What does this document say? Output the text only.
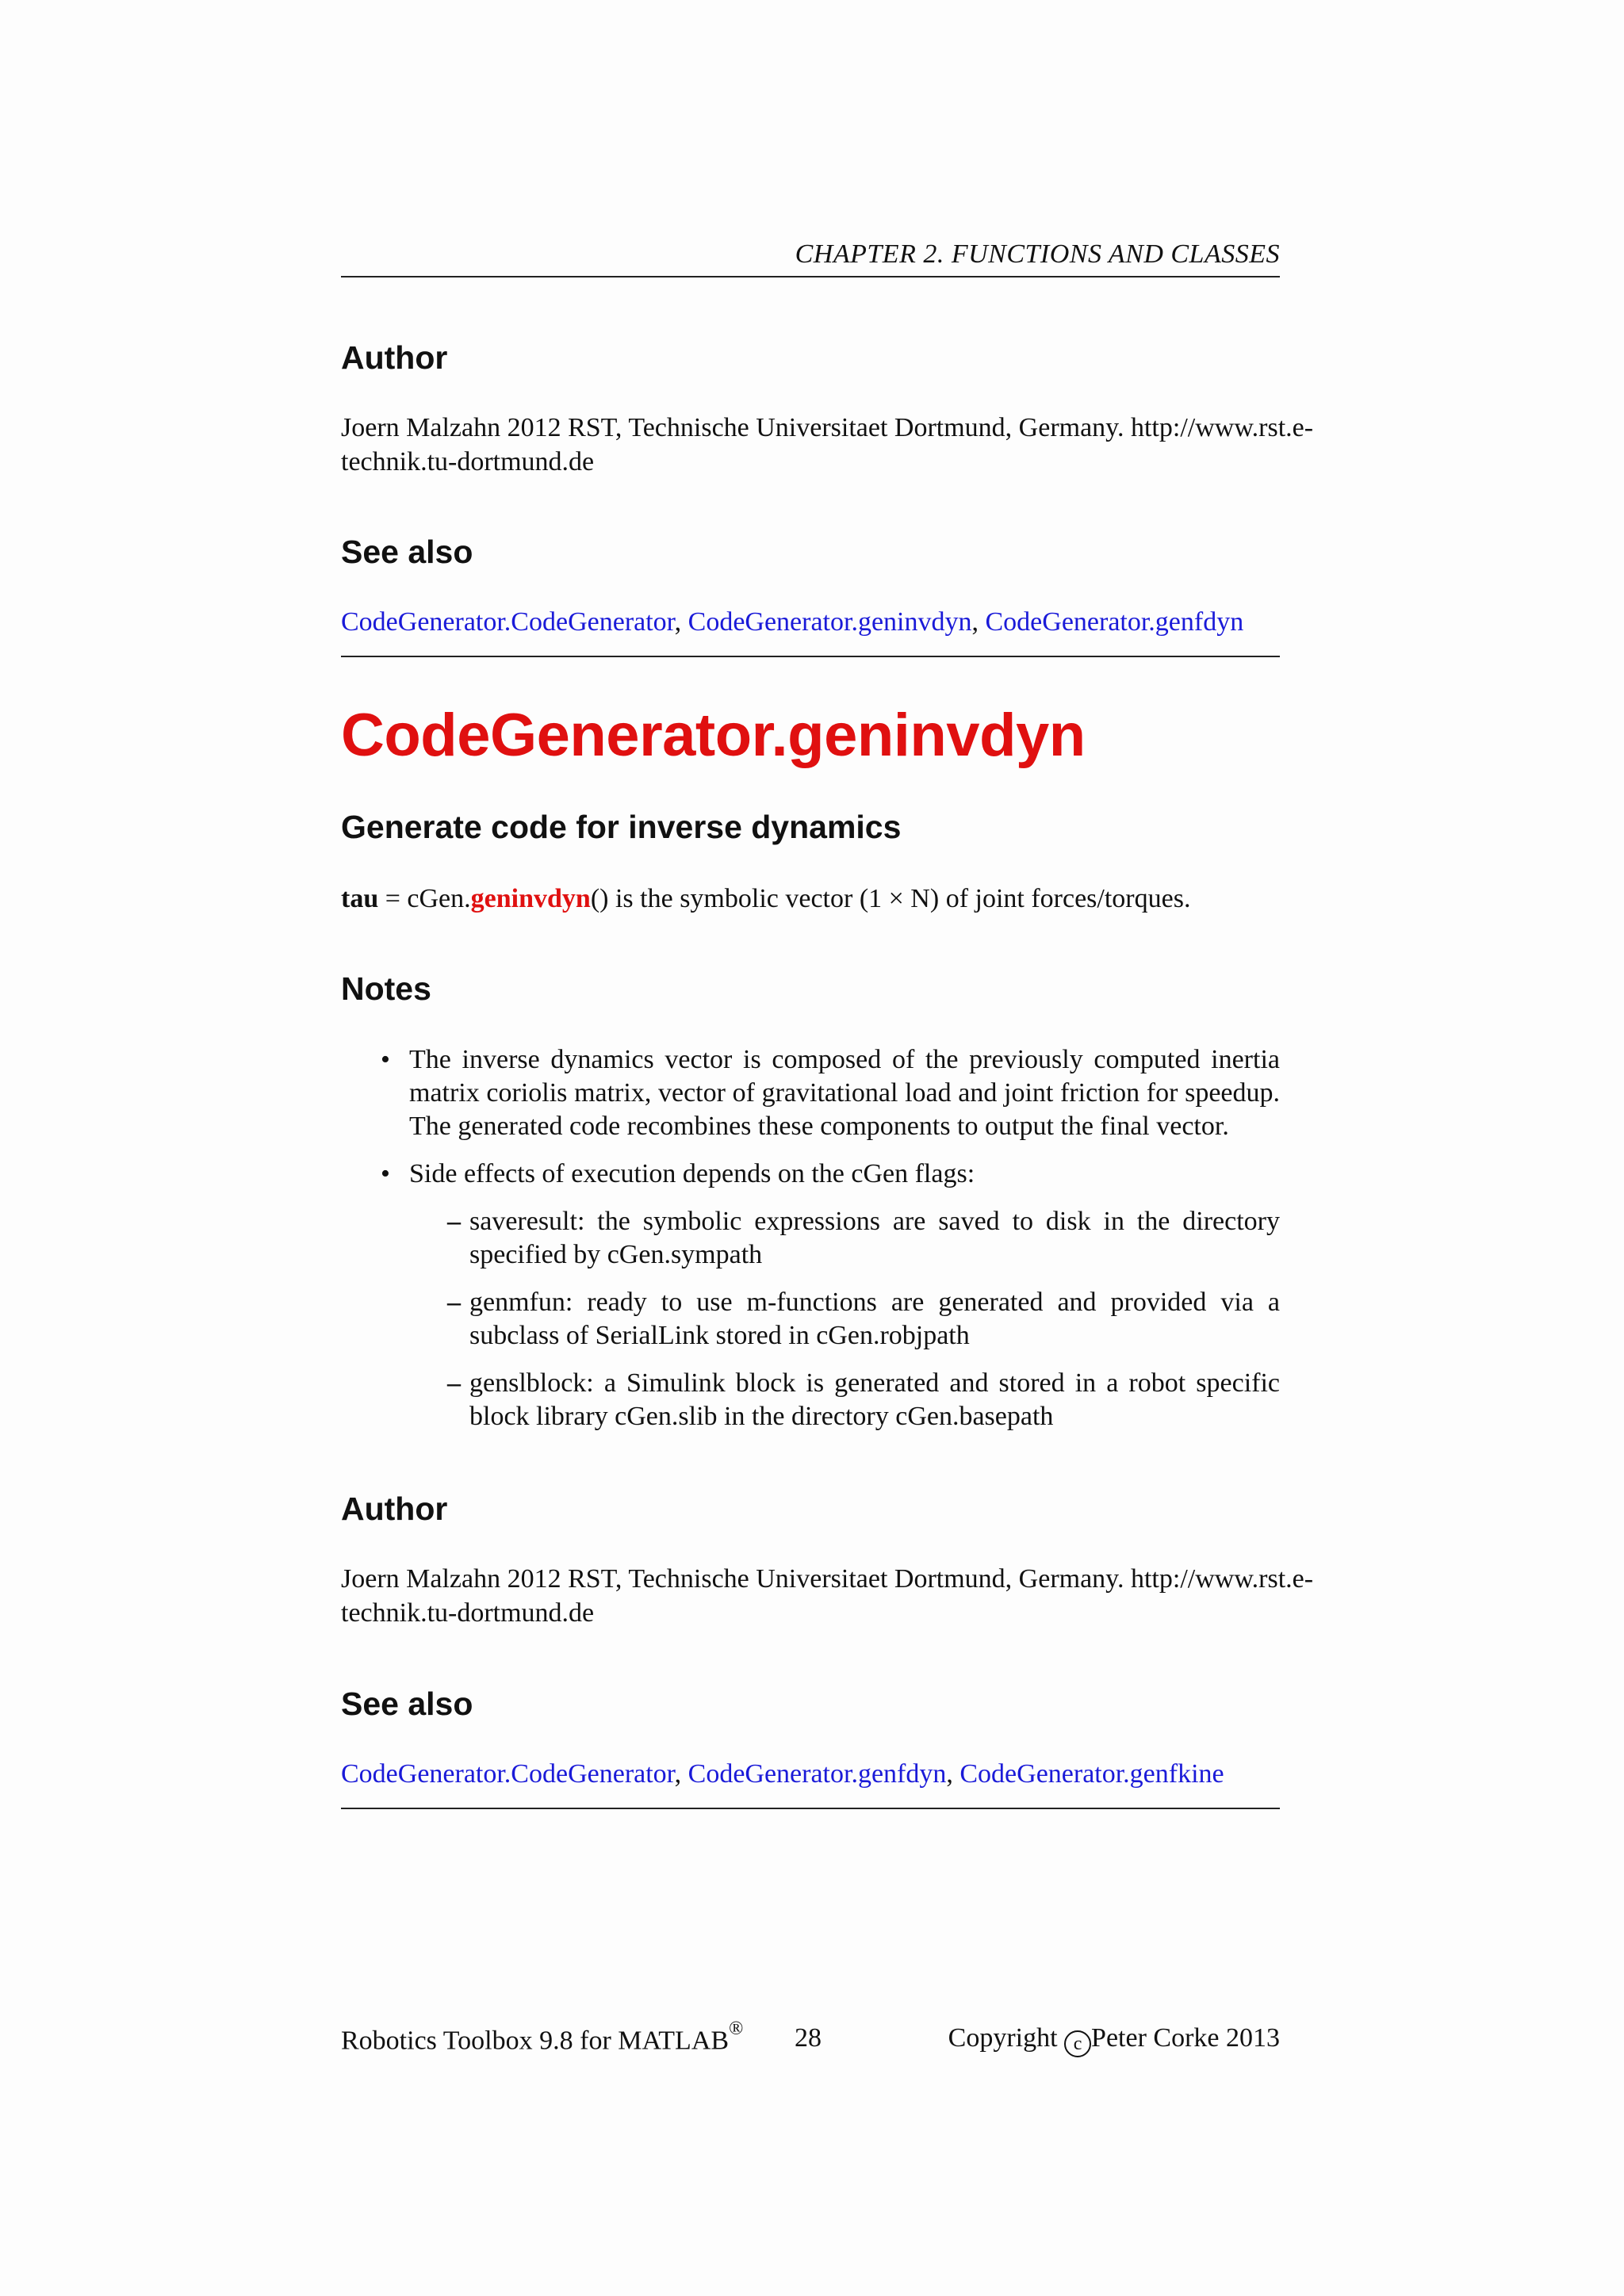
CHAPTER 2. FUNCTIONS AND CLASSES
Author
Joern Malzahn 2012 RST, Technische Universitaet Dortmund, Germany. http://www.rst.e-
technik.tu-dortmund.de
See also
CodeGenerator.CodeGenerator, CodeGenerator.geninvdyn, CodeGenerator.genfdyn
CodeGenerator.geninvdyn
Generate code for inverse dynamics
tau = cGen.geninvdyn() is the symbolic vector (1 × N) of joint forces/torques.
Notes
• The inverse dynamics vector is composed of the previously computed inertia matrix coriolis matrix, vector of gravitational load and joint friction for speedup. The generated code recombines these components to output the final vector.
• Side effects of execution depends on the cGen flags:
– saveresult: the symbolic expressions are saved to disk in the directory specified by cGen.sympath
– genmfun: ready to use m-functions are generated and provided via a subclass of SerialLink stored in cGen.robjpath
– genslblock: a Simulink block is generated and stored in a robot specific block library cGen.slib in the directory cGen.basepath
Author
Joern Malzahn 2012 RST, Technische Universitaet Dortmund, Germany. http://www.rst.e-
technik.tu-dortmund.de
See also
CodeGenerator.CodeGenerator, CodeGenerator.genfdyn, CodeGenerator.genfkine
Robotics Toolbox 9.8 for MATLAB® 28	Copyright c Peter Corke 2013
